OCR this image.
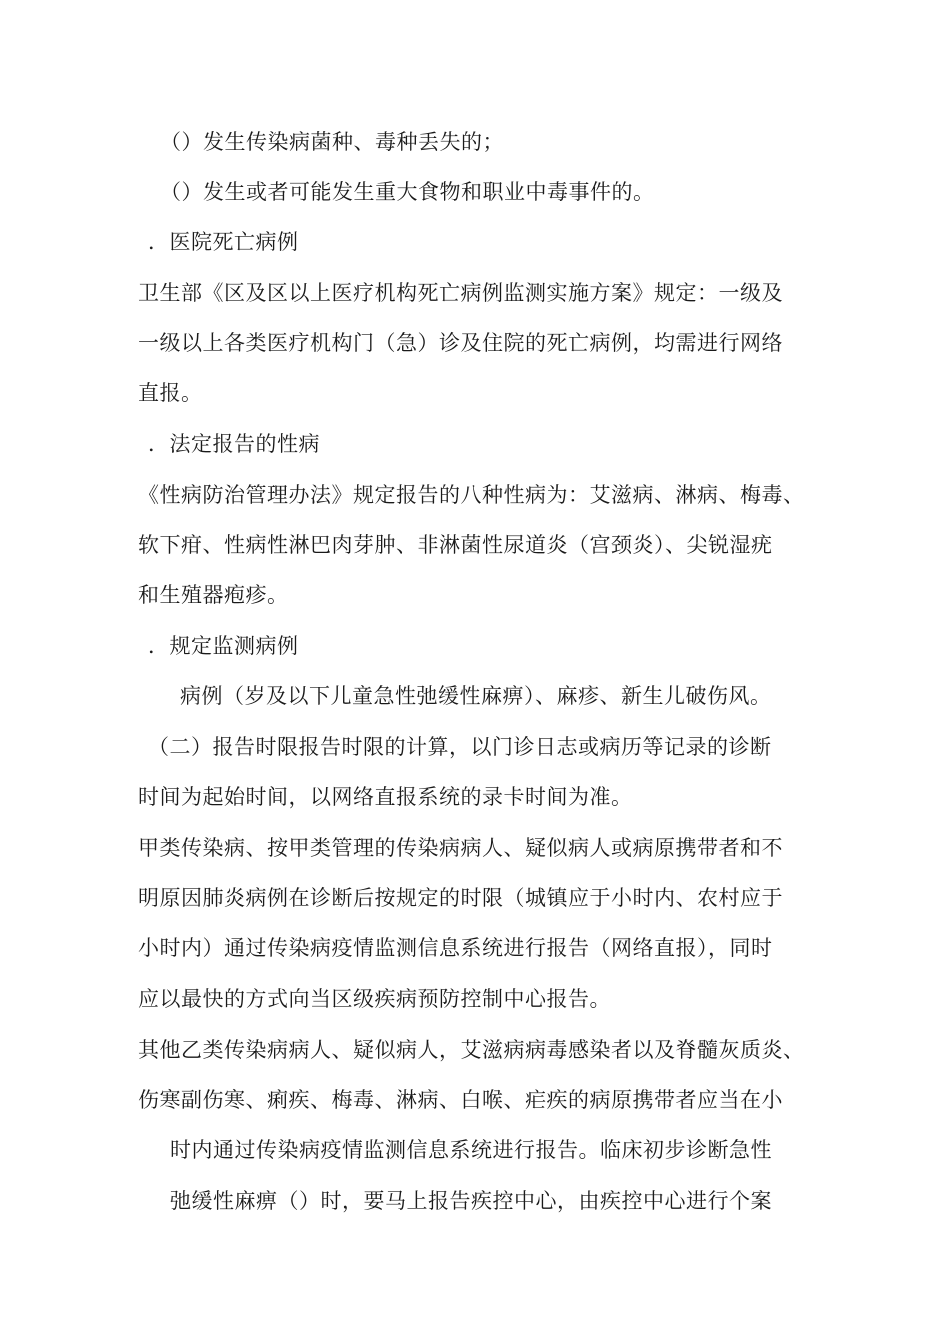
（）发生传染病菌种、毒种丢失的；
（）发生或者可能发生重大食物和职业中毒事件的。
．医院死亡病例
卫生部《区及区以上医疗机构死亡病例监测实施方案》规定：一级及
一级以上各类医疗机构门（急）诊及住院的死亡病例，均需进行网络
直报。
．法定报告的性病
《性病防治管理办法》规定报告的八种性病为：艾滋病、淋病、梅毒、
软下疳、性病性淋巴肉芽肿、非淋菌性尿道炎（宫颈炎）、尖锐湿疣
和生殖器疱疹。
．规定监测病例
病例（岁及以下儿童急性弛缓性麻痹）、麻疹、新生儿破伤风。
（二）报告时限报告时限的计算，以门诊日志或病历等记录的诊断
时间为起始时间，以网络直报系统的录卡时间为准。
甲类传染病、按甲类管理的传染病病人、疑似病人或病原携带者和不
明原因肺炎病例在诊断后按规定的时限（城镇应于小时内、农村应于
小时内）通过传染病疫情监测信息系统进行报告（网络直报），同时
应以最快的方式向当区级疾病预防控制中心报告。
其他乙类传染病病人、疑似病人，艾滋病病毒感染者以及脊髓灰质炎、
伤寒副伤寒、痢疾、梅毒、淋病、白喉、疟疾的病原携带者应当在小
时内通过传染病疫情监测信息系统进行报告。临床初步诊断急性
弛缓性麻痹（）时，要马上报告疾控中心，由疾控中心进行个案
